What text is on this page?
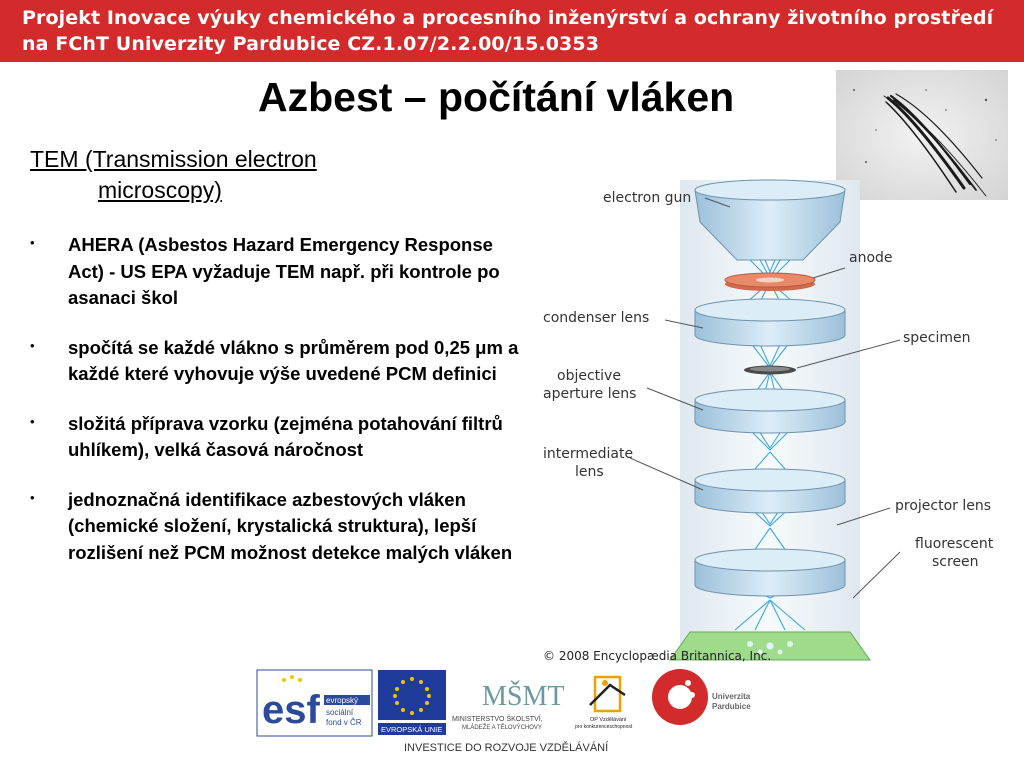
Projekt Inovace výuky chemického a procesního inženýrství a ochrany životního prostředí
na FChT Univerzity Pardubice CZ.1.07/2.2.00/15.0353
Azbest – počítání vláken
TEM (Transmission electron
microscopy)
• AHERA (Asbestos Hazard Emergency Response Act) - US EPA vyžaduje TEM např. při kontrole po asanaci škol
• spočítá se každé vlákno s průměrem pod 0,25 μm a každé které vyhovuje výše uvedené PCM definici
• složitá příprava vzorku (zejména potahování filtrů uhlíkem), velká časová náročnost
• jednoznačná identifikace azbestových vláken (chemické složení, krystalická struktura), lepší rozlišení než PCM možnost detekce malých vláken
electron gun
anode
condenser lens
specimen
objective
aperture lens
intermediate
lens
projector lens
fluorescent
screen
© 2008 Encyclopædia Britannica, Inc.
esf evropský
sociální
fond v ČR
EVROPSKÁ UNIE
MŠMT
MINISTERSTVO ŠKOLSTVÍ,
MLÁDEŽE A TĚLOVÝCHOVY
OP Vzdělávání
pro konkurenceschopnost
Univerzita
Pardubice
INVESTICE DO ROZVOJE VZDĚLÁVÁNÍ
